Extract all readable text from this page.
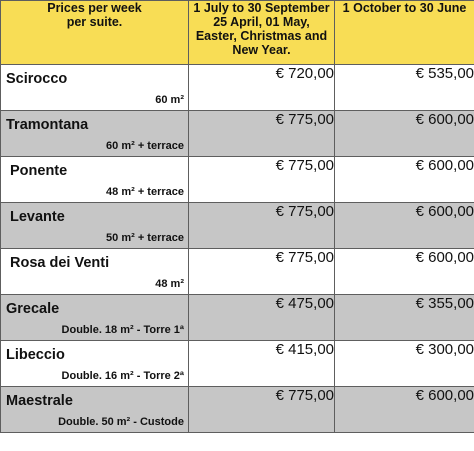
Prices per week per suite.	1 July to 30 September 25 April, 01 May, Easter, Christmas and New Year.	1 October to 30 June

Scirocco
60 m²	€ 720,00	€ 535,00

Tramontana
60 m² + terrace	€ 775,00	€ 600,00

Ponente
48 m² + terrace	€ 775,00	€ 600,00

Levante
50 m² + terrace	€ 775,00	€ 600,00

Rosa dei Venti
48 m²	€ 775,00	€ 600,00

Grecale
Double. 18 m² - Torre 1ª	€ 475,00	€ 355,00

Libeccio
Double. 16 m² - Torre 2ª	€ 415,00	€ 300,00

Maestrale
Double. 50 m² - Custode	€ 775,00	€ 600,00
